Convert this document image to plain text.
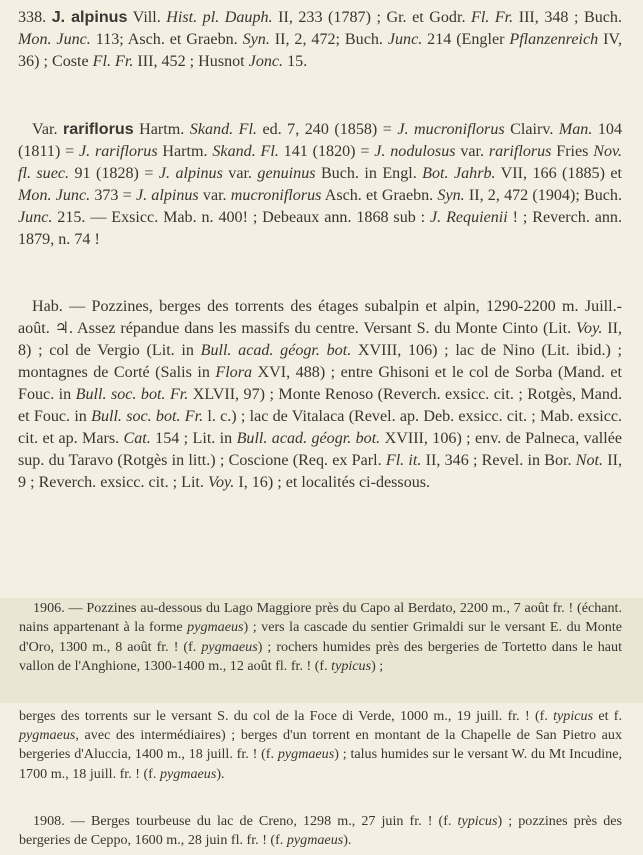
338. J. alpinus Vill. Hist. pl. Dauph. II, 233 (1787) ; Gr. et Godr. Fl. Fr. III, 348 ; Buch. Mon. Junc. 113; Asch. et Graebn. Syn. II, 2, 472; Buch. Junc. 214 (Engler Pflanzenreich IV, 36) ; Coste Fl. Fr. III, 452 ; Husnot Jonc. 15.

Var. rariflorus Hartm. Skand. Fl. ed. 7, 240 (1858) = J. mucroniflorus Clairv. Man. 104 (1811) = J. rariflorus Hartm. Skand. Fl. 141 (1820) = J. nodulosus var. rariflorus Fries Nov. fl. suec. 91 (1828) = J. alpinus var. genuinus Buch. in Engl. Bot. Jahrb. VII, 166 (1885) et Mon. Junc. 373 = J. alpinus var. mucroniflorus Asch. et Graebn. Syn. II, 2, 472 (1904); Buch. Junc. 215. — Exsicc. Mab. n. 400! ; Debeaux ann. 1868 sub : J. Requienii ! ; Reverch. ann. 1879, n. 74 !

Hab. — Pozzines, berges des torrents des étages subalpin et alpin, 1290-2200 m. Juill.-août. ♃. Assez répandue dans les massifs du centre. Versant S. du Monte Cinto (Lit. Voy. II, 8) ; col de Vergio (Lit. in Bull. acad. géogr. bot. XVIII, 106) ; lac de Nino (Lit. ibid.) ; montagnes de Corté (Salis in Flora XVI, 488) ; entre Ghisoni et le col de Sorba (Mand. et Fouc. in Bull. soc. bot. Fr. XLVII, 97) ; Monte Renoso (Reverch. exsicc. cit. ; Rotgès, Mand. et Fouc. in Bull. soc. bot. Fr. l. c.) ; lac de Vitalaca (Revel. ap. Deb. exsicc. cit. ; Mab. exsicc. cit. et ap. Mars. Cat. 154 ; Lit. in Bull. acad. géogr. bot. XVIII, 106) ; env. de Palneca, vallée sup. du Taravo (Rotgès in litt.) ; Coscione (Req. ex Parl. Fl. it. II, 346 ; Revel. in Bor. Not. II, 9 ; Reverch. exsicc. cit. ; Lit. Voy. I, 16) ; et localités ci-dessous.

1906. — Pozzines au-dessous du Lago Maggiore près du Capo al Berdato, 2200 m., 7 août fr. ! (échant. nains appartenant à la forme pygmaeus) ; vers la cascade du sentier Grimaldi sur le versant E. du Monte d'Oro, 1300 m., 8 août fr. ! (f. pygmaeus) ; rochers humides près des bergeries de Tortetto dans le haut vallon de l'Anghione, 1300-1400 m., 12 août fl. fr. ! (f. typicus) ;

berges des torrents sur le versant S. du col de la Foce di Verde, 1000 m., 19 juill. fr. ! (f. typicus et f. pygmaeus, avec des intermédiaires) ; berges d'un torrent en montant de la Chapelle de San Pietro aux bergeries d'Aluccia, 1400 m., 18 juill. fr. ! (f. pygmaeus) ; talus humides sur le versant W. du Mt Incudine, 1700 m., 18 juill. fr. ! (f. pygmaeus).

1908. — Berges tourbeuse du lac de Creno, 1298 m., 27 juin fr. ! (f. typicus) ; pozzines près des bergeries de Ceppo, 1600 m., 28 juin fl. fr. ! (f. pygmaeus).
